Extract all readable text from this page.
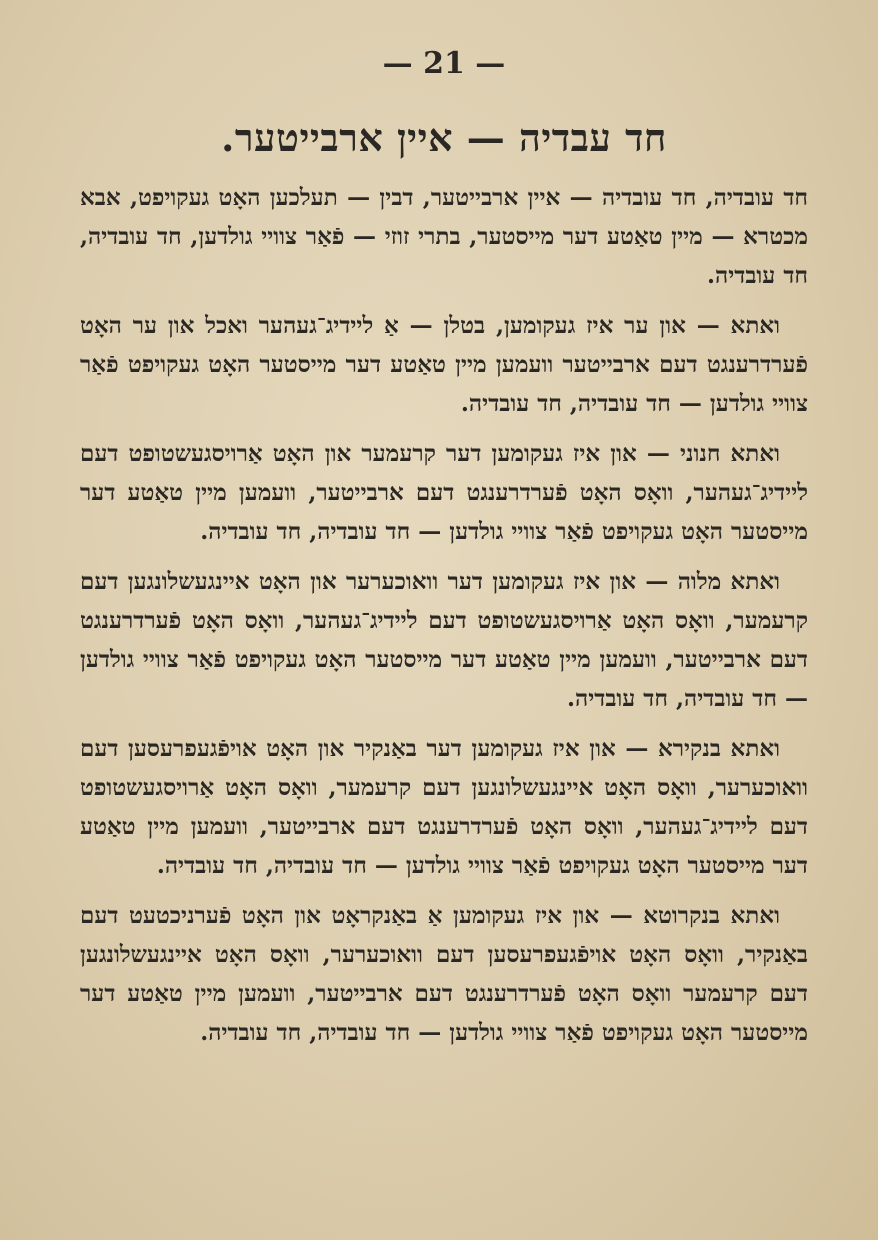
— 21 —
חד עבדיה — איין ארבייטער.

חד עובדיה, חד עובדיה — איין ארבייטער, דבין — תעלכען האָט געקויפט, אבא מכטרא — מיין טאַטע דער מייסטער, בתרי זוזי — פֿאַר צוויי גולדען, חד עובדיה, חד עובדיה.

ואתא — און ער איז געקומען, בטלן — אַ ליידיג־געהער ואכל און ער האָט פֿערדרענגט דעם ארבייטער וועמען מיין טאַטע דער מייסטער האָט געקויפט פֿאַר צוויי גולדען — חד עובדיה, חד עובדיה.

ואתא חנוני — און איז געקומען דער קרעמער און האָט אַרויסגעשטופט דעם ליידיג־געהער, וואָס האָט פֿערדרענגט דעם ארבייטער, וועמען מיין טאַטע דער מייסטער האָט געקויפט פֿאַר צוויי גולדען — חד עובדיה, חד עובדיה.

ואתא מלוה — און איז געקומען דער וואוכערער און האָט איינגעשלונגען דעם קרעמער, וואָס האָט אַרויסגעשטופט דעם ליידיג־געהער, וואָס האָט פֿערדרענגט דעם ארבייטער, וועמען מיין טאַטע דער מייסטער האָט געקויפט פֿאַר צוויי גולדען — חד עובדיה, חד עובדיה.

ואתא בנקירא — און איז געקומען דער באַנקיר און האָט אויפֿגעפרעסען דעם וואוכערער, וואָס האָט איינגעשלונגען דעם קרעמער, וואָס האָט אַרויסגעשטופט דעם ליידיג־געהער, וואָס האָט פֿערדרענגט דעם ארבייטער, וועמען מיין טאַטע דער מייסטער האָט געקויפט פֿאַר צוויי גולדען — חד עובדיה, חד עובדיה.

ואתא בנקרוטא — און איז געקומען אַ באַנקראָט און האָט פֿערניכטעט דעם באַנקיר, וואָס האָט אויפֿגעפרעסען דעם וואוכערער, וואָס האָט איינגעשלונגען דעם קרעמער וואָס האָט פֿערדרענגט דעם ארבייטער, וועמען מיין טאַטע דער מייסטער האָט געקויפט פֿאַר צוויי גולדען — חד עובדיה, חד עובדיה.
